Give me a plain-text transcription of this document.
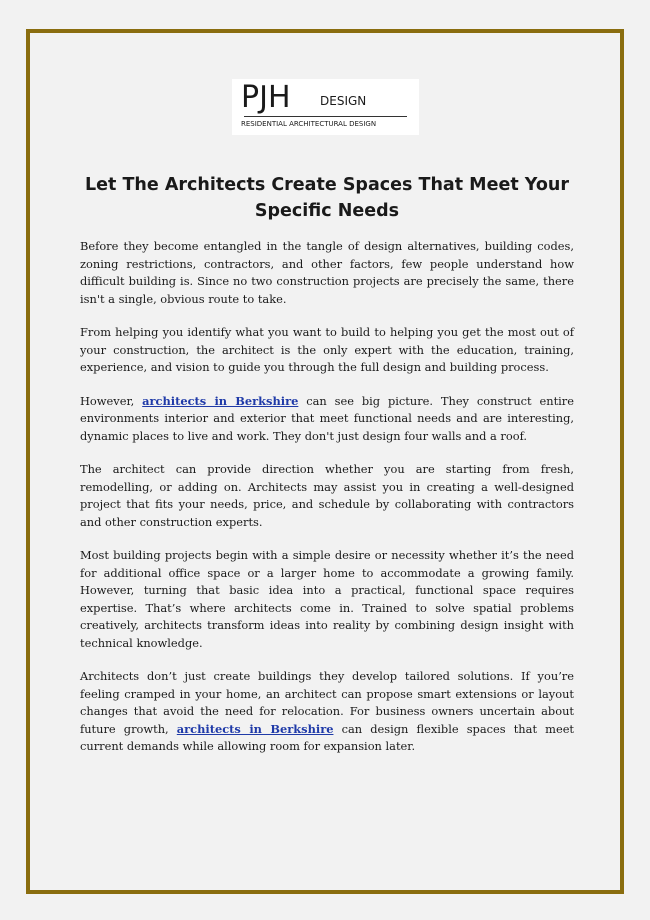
PJH DESIGN
RESIDENTIAL ARCHITECTURAL DESIGN
Let The Architects Create Spaces That Meet Your Specific Needs

Before they become entangled in the tangle of design alternatives, building codes, zoning restrictions, contractors, and other factors, few people understand how difficult building is. Since no two construction projects are precisely the same, there isn't a single, obvious route to take.

From helping you identify what you want to build to helping you get the most out of your construction, the architect is the only expert with the education, training, experience, and vision to guide you through the full design and building process.

However, architects in Berkshire can see big picture. They construct entire environments interior and exterior that meet functional needs and are interesting, dynamic places to live and work. They don't just design four walls and a roof.

The architect can provide direction whether you are starting from fresh, remodelling, or adding on. Architects may assist you in creating a well-designed project that fits your needs, price, and schedule by collaborating with contractors and other construction experts.

Most building projects begin with a simple desire or necessity whether it’s the need for additional office space or a larger home to accommodate a growing family. However, turning that basic idea into a practical, functional space requires expertise. That’s where architects come in. Trained to solve spatial problems creatively, architects transform ideas into reality by combining design insight with technical knowledge.

Architects don’t just create buildings they develop tailored solutions. If you’re feeling cramped in your home, an architect can propose smart extensions or layout changes that avoid the need for relocation. For business owners uncertain about future growth, architects in Berkshire can design flexible spaces that meet current demands while allowing room for expansion later.
